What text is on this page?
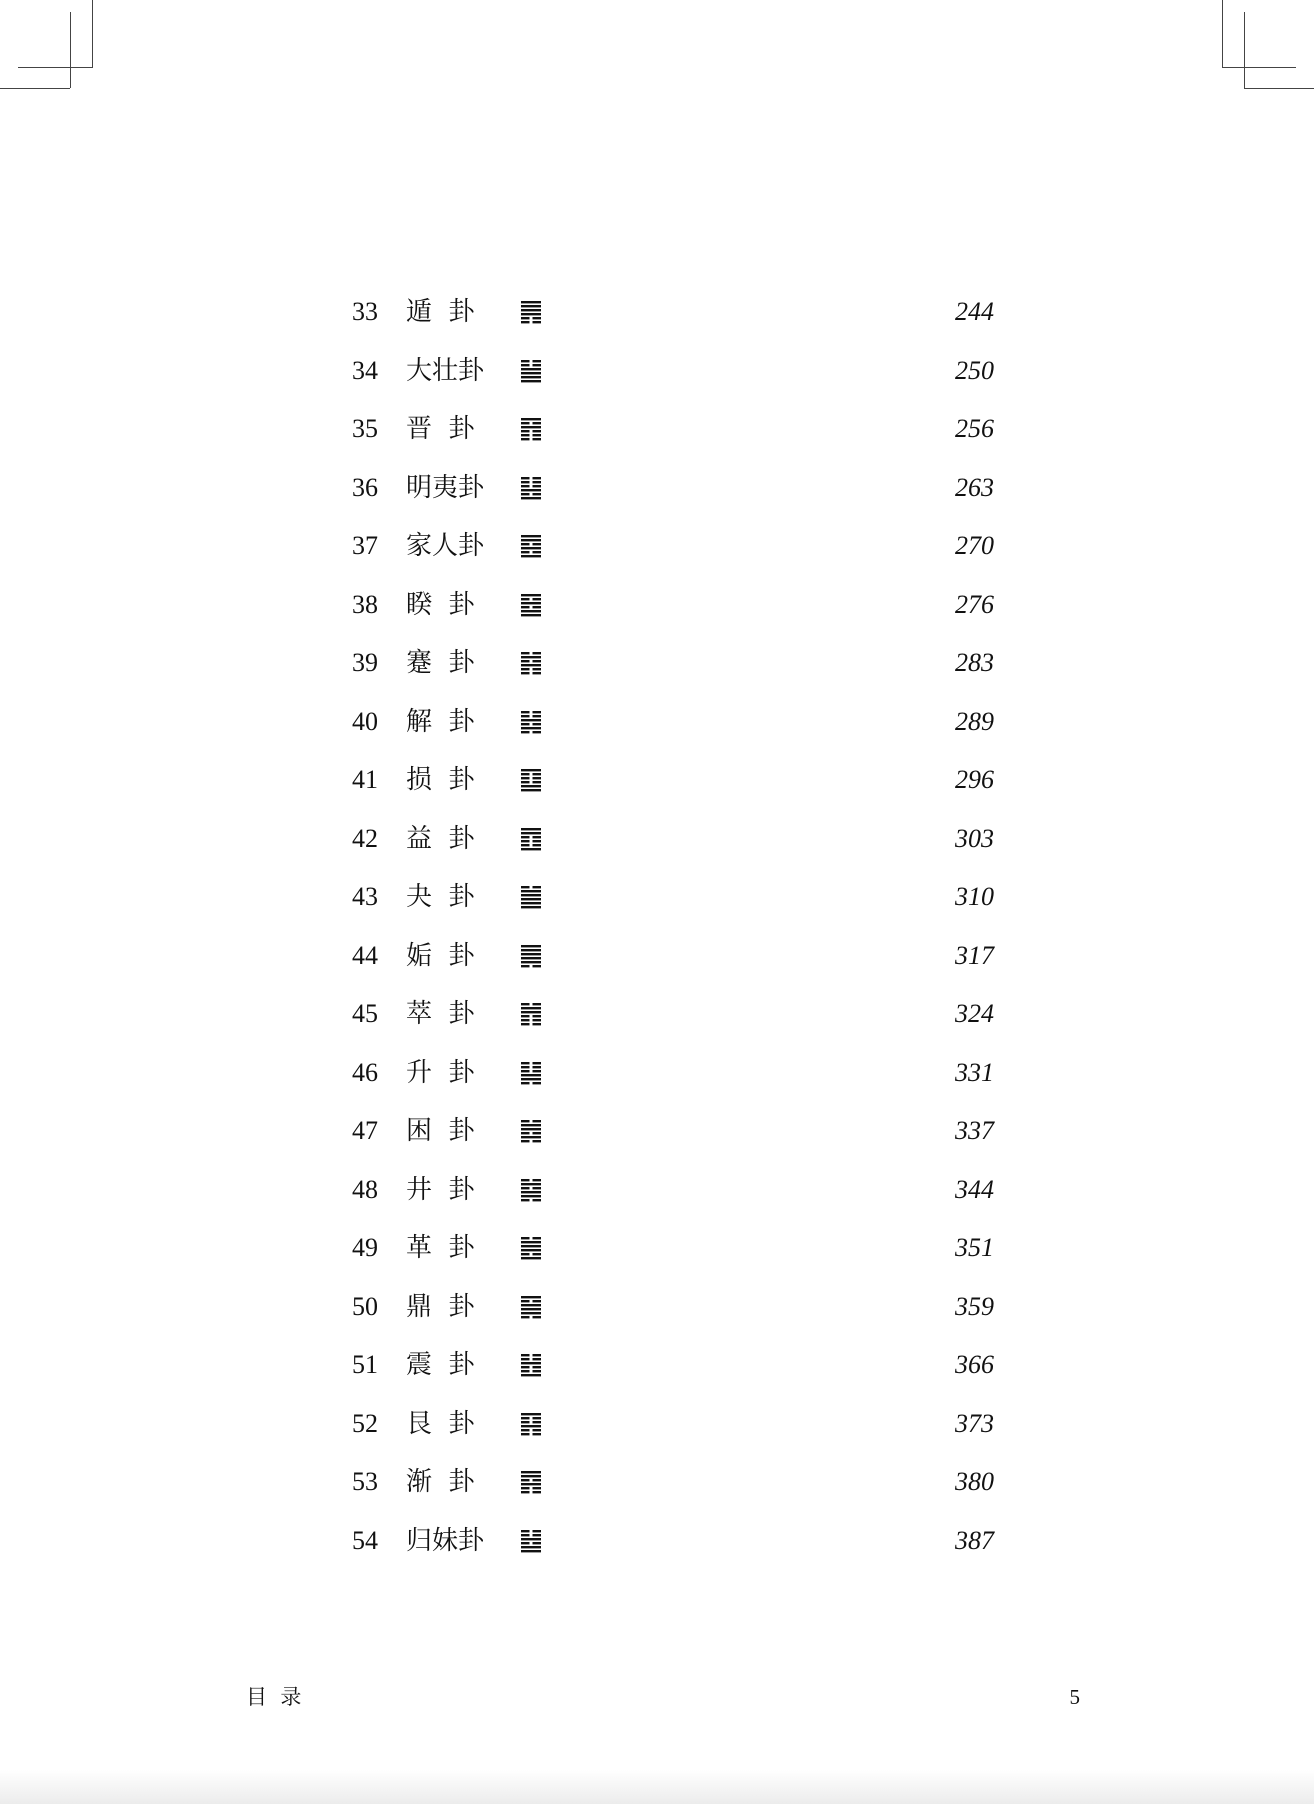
33	遁  卦	244
34	大壮卦	250
35	晋  卦	256
36	明夷卦	263
37	家人卦	270
38	睽  卦	276
39	蹇  卦	283
40	解  卦	289
41	损  卦	296
42	益  卦	303
43	夬  卦	310
44	姤  卦	317
45	萃  卦	324
46	升  卦	331
47	困  卦	337
48	井  卦	344
49	革  卦	351
50	鼎  卦	359
51	震  卦	366
52	艮  卦	373
53	渐  卦	380
54	归妹卦	387
目  录	5
